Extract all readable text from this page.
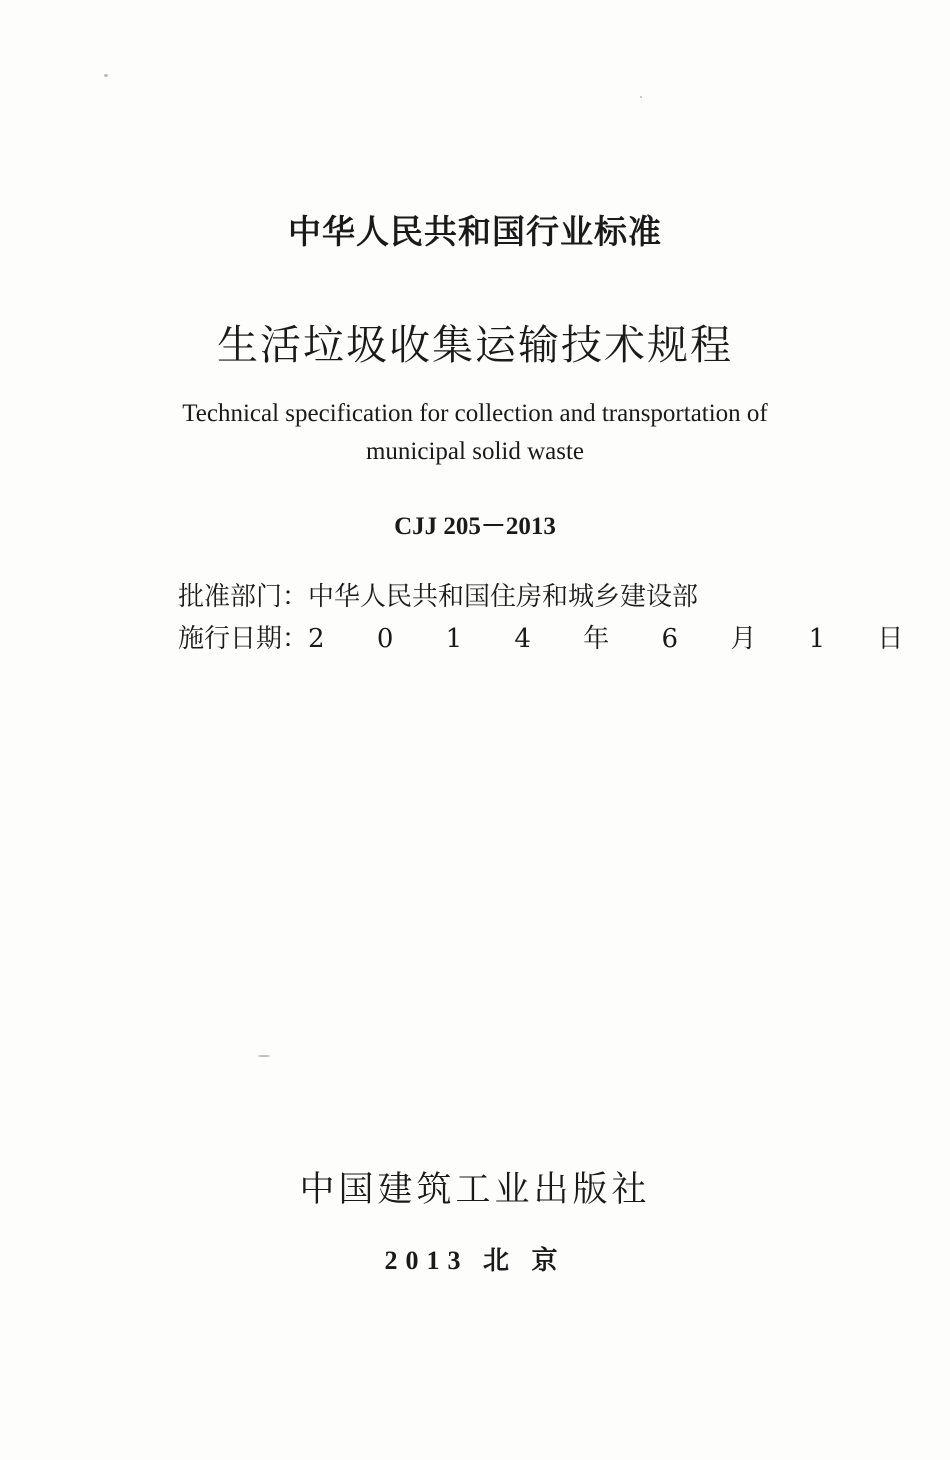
中华人民共和国行业标准
生活垃圾收集运输技术规程
Technical specification for collection and transportation of
municipal solid waste
CJJ 205－2013
批准部门：中华人民共和国住房和城乡建设部
施行日期：2 0 1 4 年 6 月 1 日
中国建筑工业出版社
2013 北 京
